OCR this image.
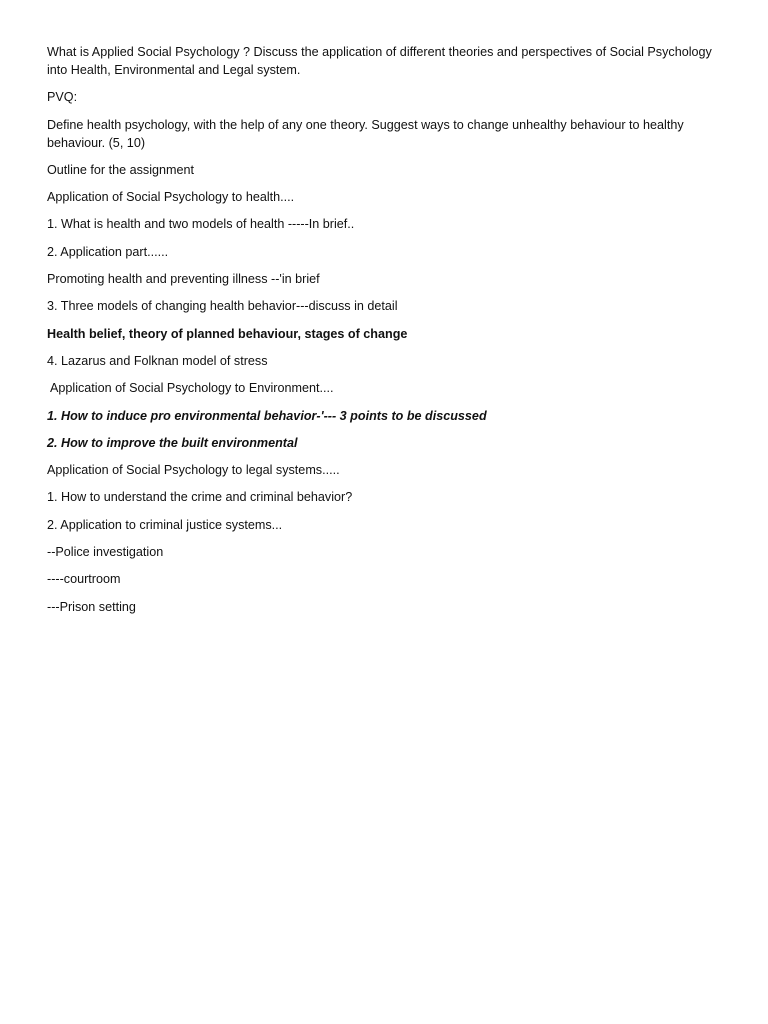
What is Applied Social Psychology ? Discuss the application of different theories and perspectives of Social Psychology into Health, Environmental and Legal system.

PVQ:

Define health psychology, with the help of any one theory. Suggest ways to change unhealthy behaviour to healthy behaviour. (5, 10)

Outline for the assignment

Application of Social Psychology to health....

1. What is health and two models of health -----In brief..

2. Application part......

Promoting health and preventing illness --'in brief

3. Three models of changing health behavior---discuss in detail

Health belief, theory of planned behaviour, stages of change

4. Lazarus and Folknan model of stress

Application of Social Psychology to Environment....

1. How to induce pro environmental behavior-'--- 3 points to be discussed

2. How to improve the built environmental

Application of Social Psychology to legal systems.....

1. How to understand the crime and criminal behavior?

2. Application to criminal justice systems...

--Police investigation

----courtroom

---Prison setting
